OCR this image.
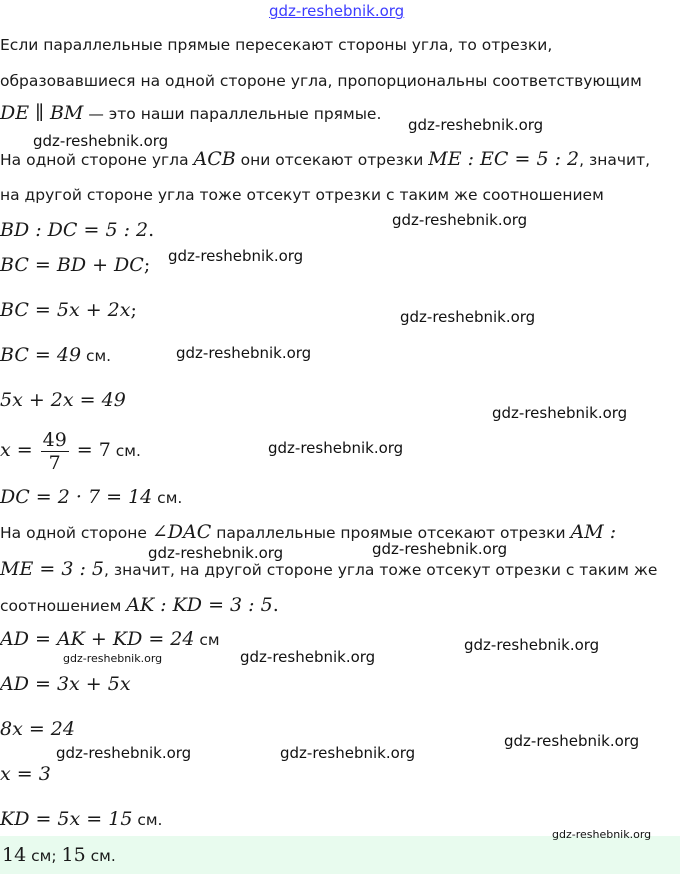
gdz-reshebnik.org
Если параллельные прямые пересекают стороны угла, то отрезки,
образовавшиеся на одной стороне угла, пропорциональны соответствующим
DE ∥ BM — это наши параллельные прямые.
На одной стороне угла ACB они отсекают отрезки ME : EC = 5 : 2, значит,
на другой стороне угла тоже отсекут отрезки с таким же соотношением
BD : DC = 5 : 2.
BC = BD + DC;
BC = 5x + 2x;
BC = 49 см.
5x + 2x = 49
$x = \frac{49}{7} = 7$ см.
DC = 2 · 7 = 14 см.
На одной стороне ∠DAC параллельные проямые отсекают отрезки AM :
ME = 3 : 5, значит, на другой стороне угла тоже отсекут отрезки с таким же
соотношением AK : KD = 3 : 5.
AD = AK + KD = 24 см
AD = 3x + 5x
8x = 24
x = 3
KD = 5x = 15 см.
14 см; 15 см.
gdz-reshebnik.org
gdz-reshebnik.org
gdz-reshebnik.org
gdz-reshebnik.org
gdz-reshebnik.org
gdz-reshebnik.org
gdz-reshebnik.org
gdz-reshebnik.org
gdz-reshebnik.org	gdz-reshebnik.org
gdz-reshebnik.org
gdz-reshebnik.org	gdz-reshebnik.org
gdz-reshebnik.org
gdz-reshebnik.org	gdz-reshebnik.org
gdz-reshebnik.org
